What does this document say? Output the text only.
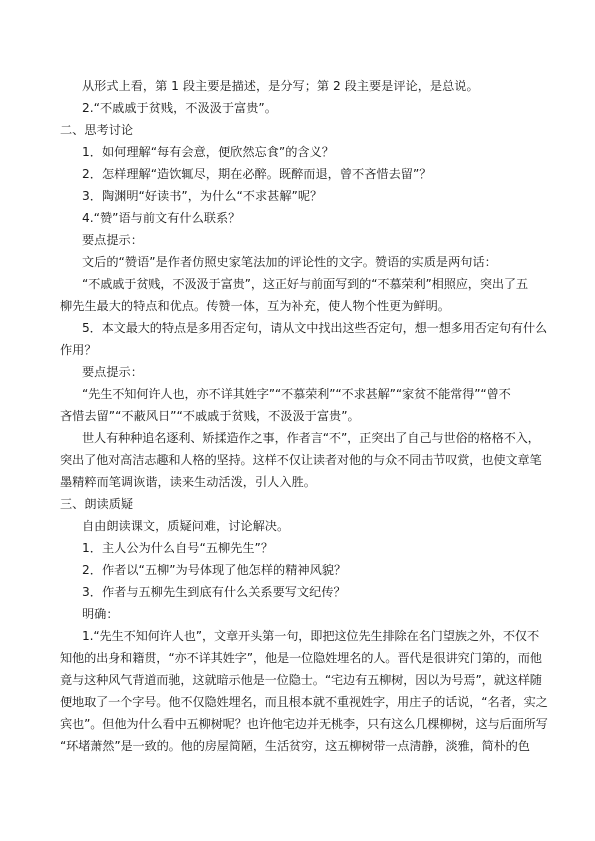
从形式上看，第 1 段主要是描述，是分写；第 2 段主要是评论，是总说。
2.“不戚戚于贫贱，不汲汲于富贵”。
二、思考讨论
1．如何理解“每有会意，便欣然忘食”的含义？
2．怎样理解“造饮辄尽，期在必醉。既醉而退，曾不吝惜去留”？
3．陶渊明“好读书”，为什么“不求甚解”呢？
4.“赞”语与前文有什么联系？
要点提示：
文后的“赞语”是作者仿照史家笔法加的评论性的文字。赞语的实质是两句话：
“不戚戚于贫贱，不汲汲于富贵”，这正好与前面写到的“不慕荣利”相照应，突出了五
柳先生最大的特点和优点。传赞一体，互为补充，使人物个性更为鲜明。
5．本文最大的特点是多用否定句，请从文中找出这些否定句，想一想多用否定句有什么
作用？
要点提示：
“先生不知何许人也，亦不详其姓字”“不慕荣利”“不求甚解”“家贫不能常得”“曾不
吝惜去留”“不蔽风日”“不戚戚于贫贱，不汲汲于富贵”。
世人有种种追名逐利、矫揉造作之事，作者言“不”，正突出了自己与世俗的格格不入，
突出了他对高洁志趣和人格的坚持。这样不仅让读者对他的与众不同击节叹赏，也使文章笔
墨精粹而笔调诙谐，读来生动活泼，引人入胜。
三、朗读质疑
自由朗读课文，质疑问难，讨论解决。
1．主人公为什么自号“五柳先生”？
2．作者以“五柳”为号体现了他怎样的精神风貌？
3．作者与五柳先生到底有什么关系要写文纪传？
明确：
1.“先生不知何许人也”，文章开头第一句，即把这位先生排除在名门望族之外，不仅不
知他的出身和籍贯，“亦不详其姓字”，他是一位隐姓埋名的人。晋代是很讲究门第的，而他
竟与这种风气背道而驰，这就暗示他是一位隐士。“宅边有五柳树，因以为号焉”，就这样随
便地取了一个字号。他不仅隐姓埋名，而且根本就不重视姓字，用庄子的话说，“名者，实之
宾也”。但他为什么看中五柳树呢？也许他宅边并无桃李，只有这么几棵柳树，这与后面所写
“环堵萧然”是一致的。他的房屋简陋，生活贫穷，这五柳树带一点清静，淡雅，简朴的色
